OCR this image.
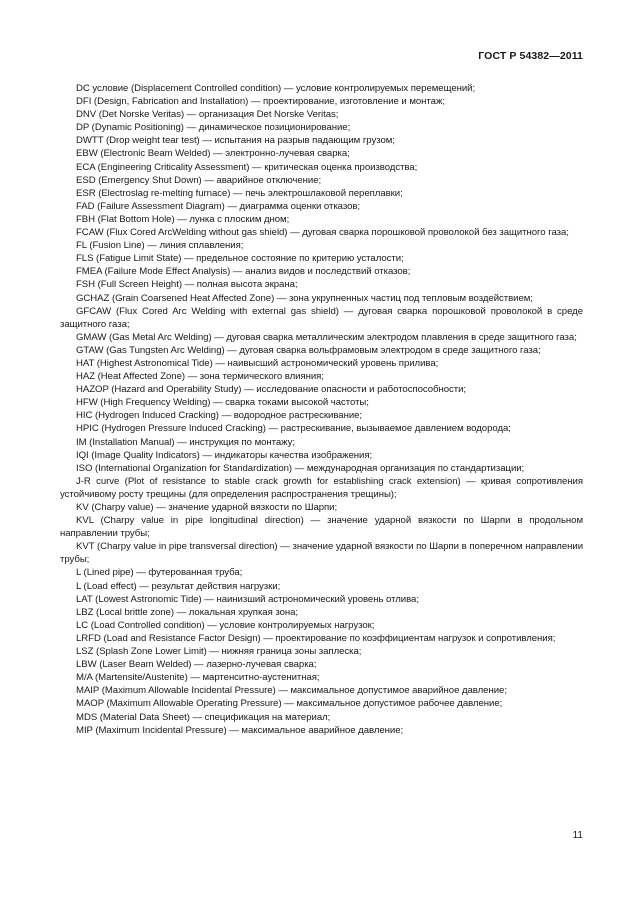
ГОСТ Р 54382—2011

DC условие (Displacement Controlled condition) — условие контролируемых перемещений;

DFI (Design, Fabrication and Installation) — проектирование, изготовление и монтаж;

DNV (Det Norske Veritas) — организация Det Norske Veritas;

DP (Dynamic Positioning) — динамическое позиционирование;

DWTT (Drop weight tear test) — испытания на разрыв падающим грузом;

EBW (Electronic Beam Welded) — электронно-лучевая сварка;

ECA (Engineering Criticality Assessment) — критическая оценка производства;

ESD (Emergency Shut Down) — аварийное отключение;

ESR (Electroslag re-melting furnace) — печь электрошлаковой переплавки;

FAD (Failure Assessment Diagram) — диаграмма оценки отказов;

FBH (Flat Bottom Hole) — лунка с плоским дном;

FCAW (Flux Cored ArcWelding without gas shield) — дуговая сварка порошковой проволокой без защитного газа;

FL (Fusion Line) — линия сплавления;

FLS (Fatigue Limit State) — предельное состояние по критерию усталости;

FMEA (Failure Mode Effect Analysis) — анализ видов и последствий отказов;

FSH (Full Screen Height) — полная высота экрана;

GCHAZ (Grain Coarsened Heat Affected Zone) — зона укрупненных частиц под тепловым воздействием;

GFCAW (Flux Cored Arc Welding with external gas shield) — дуговая сварка порошковой проволокой в среде защитного газа;

GMAW (Gas Metal Arc Welding) — дуговая сварка металлическим электродом плавления в среде защитного газа;

GTAW (Gas Tungsten Arc Welding) — дуговая сварка вольфрамовым электродом в среде защитного газа;

HAT (Highest Astronomical Tide) — наивысший астрономический уровень прилива;

HAZ (Heat Affected Zone) — зона термического влияния;

HAZOP (Hazard and Operability Study) — исследование опасности и работоспособности;

HFW (High Frequency Welding) — сварка токами высокой частоты;

HIC (Hydrogen Induced Cracking) — водородное растрескивание;

HPIC (Hydrogen Pressure Induced Cracking) — растрескивание, вызываемое давлением водорода;

IM (Installation Manual) — инструкция по монтажу;

IQI (Image Quality Indicators) — индикаторы качества изображения;

ISO (International Organization for Standardization) — международная организация по стандартизации;

J-R curve (Plot of resistance to stable crack growth for establishing crack extension) — кривая сопротивления устойчивому росту трещины (для определения распространения трещины);

KV (Charpy value) — значение ударной вязкости по Шарпи;

KVL (Charpy value in pipe longitudinal direction) — значение ударной вязкости по Шарпи в продольном направлении трубы;

KVT (Charpy value in pipe transversal direction) — значение ударной вязкости по Шарпи в поперечном направлении трубы;

L (Lined pipe) — футерованная труба;

L (Load effect) — результат действия нагрузки;

LAT (Lowest Astronomic Tide) — наинизший астрономический уровень отлива;

LBZ (Local brittle zone) — локальная хрупкая зона;

LC (Load Controlled condition) — условие контролируемых нагрузок;

LRFD (Load and Resistance Factor Design) — проектирование по коэффициентам нагрузок и сопротивления;

LSZ (Splash Zone Lower Limit) — нижняя граница зоны заплеска;

LBW (Laser Beam Welded) — лазерно-лучевая сварка;

M/A (Martensite/Austenite) — мартенситно-аустенитная;

MAIP (Maximum Allowable Incidental Pressure) — максимальное допустимое аварийное давление;

MAOP (Maximum Allowable Operating Pressure) — максимальное допустимое рабочее давление;

MDS (Material Data Sheet) — спецификация на материал;

MIP (Maximum Incidental Pressure) — максимальное аварийное давление;

11
